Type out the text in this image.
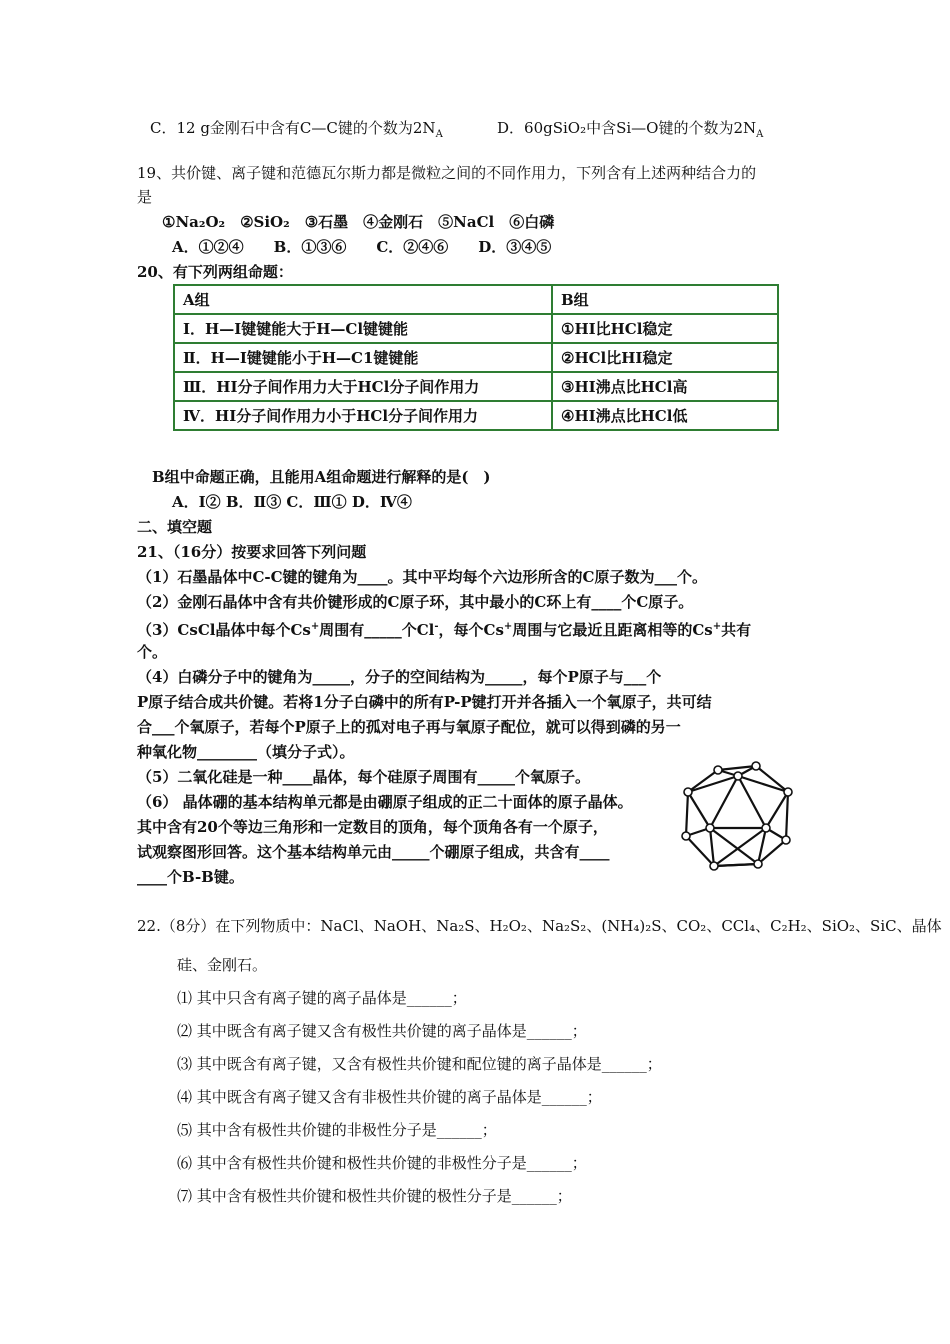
C．12 g金刚石中含有C—C键的个数为$2N_A$	D．60gSiO₂中含Si—O键的个数为$2N_A$
19、共价键、离子键和范德瓦尔斯力都是微粒之间的不同作用力，下列含有上述两种结合力的
是
①Na₂O₂　②SiO₂　③石墨　④金刚石　⑤NaCl　⑥白磷
A．①②④　　B．①③⑥　　C．②④⑥　　D．③④⑤
20、有下列两组命题：
A组	B组
Ⅰ．H—I键键能大于H—Cl键键能	①HI比HCl稳定
Ⅱ．H—I键键能小于H—C1键键能	②HCl比HI稳定
Ⅲ．HI分子间作用力大于HCl分子间作用力	③HI沸点比HCl高
Ⅳ．HI分子间作用力小于HCl分子间作用力	④HI沸点比HCl低
B组中命题正确，且能用A组命题进行解释的是(　)
A．I② B．Ⅱ③ C．Ⅲ① D．Ⅳ④
二、填空题
21、（16分）按要求回答下列问题
（1）石墨晶体中C-C键的键角为____。其中平均每个六边形所含的C原子数为___个。
（2）金刚石晶体中含有共价键形成的C原子环，其中最小的C环上有____个C原子。
（3）CsCl晶体中每个Cs+周围有_____个Cl-，每个Cs+周围与它最近且距离相等的Cs+共有
个。
（4）白磷分子中的键角为_____，分子的空间结构为_____，每个P原子与___个
P原子结合成共价键。若将1分子白磷中的所有P-P键打开并各插入一个氧原子，共可结
合___个氧原子，若每个P原子上的孤对电子再与氧原子配位，就可以得到磷的另一
种氧化物________（填分子式）。
（5）二氧化硅是一种____晶体，每个硅原子周围有_____个氧原子。
（6） 晶体硼的基本结构单元都是由硼原子组成的正二十面体的原子晶体。
其中含有20个等边三角形和一定数目的顶角，每个顶角各有一个原子，
试观察图形回答。这个基本结构单元由_____个硼原子组成，共含有____
____个B-B键。
22.（8分）在下列物质中：NaCl、NaOH、Na₂S、H₂O₂、Na₂S₂、(NH₄)₂S、CO₂、CCl₄、C₂H₂、SiO₂、SiC、晶体
硅、金刚石。
⑴ 其中只含有离子键的离子晶体是______；
⑵ 其中既含有离子键又含有极性共价键的离子晶体是______；
⑶ 其中既含有离子键，又含有极性共价键和配位键的离子晶体是______；
⑷ 其中既含有离子键又含有非极性共价键的离子晶体是______；
⑸ 其中含有极性共价键的非极性分子是______；
⑹ 其中含有极性共价键和极性共价键的非极性分子是______；
⑺ 其中含有极性共价键和极性共价键的极性分子是______；
